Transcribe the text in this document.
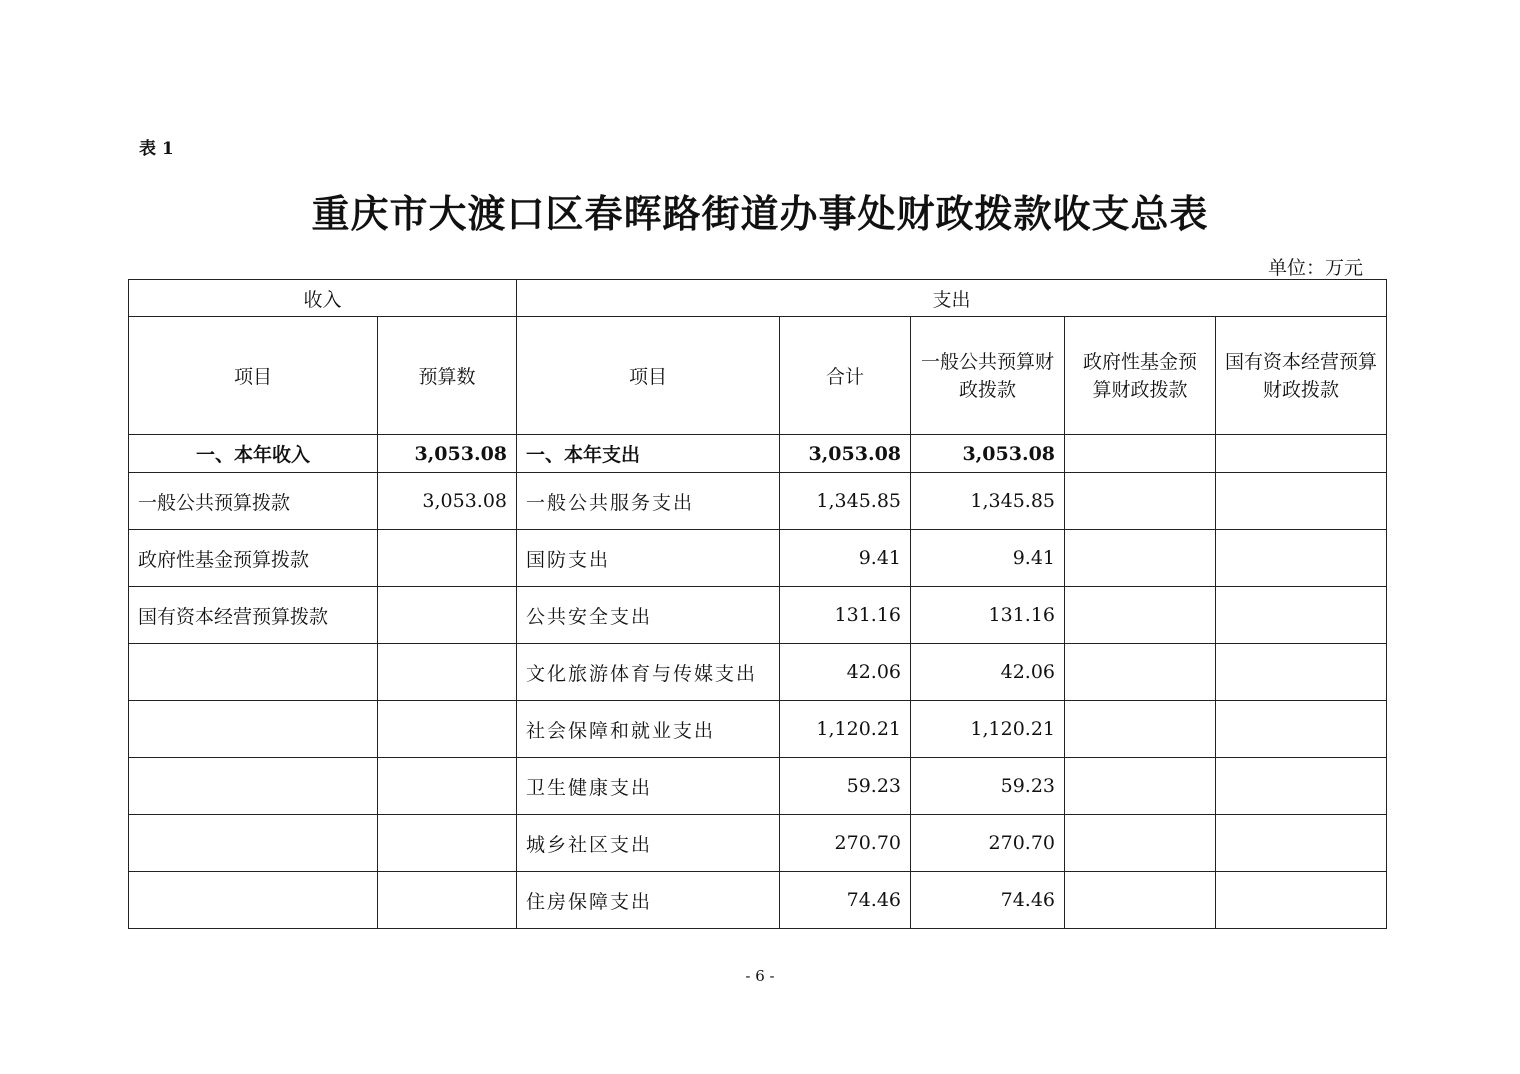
表 1
重庆市大渡口区春晖路街道办事处财政拨款收支总表
单位：万元
收入		支出				
项目	预算数	项目	合计	一般公共预算财政拨款	政府性基金预算财政拨款	国有资本经营预算财政拨款
一、本年收入	3,053.08	一、本年支出	3,053.08	3,053.08		
一般公共预算拨款	3,053.08	一般公共服务支出	1,345.85	1,345.85		
政府性基金预算拨款		国防支出	9.41	9.41		
国有资本经营预算拨款		公共安全支出	131.16	131.16		
		文化旅游体育与传媒支出	42.06	42.06		
		社会保障和就业支出	1,120.21	1,120.21		
		卫生健康支出	59.23	59.23		
		城乡社区支出	270.70	270.70		
		住房保障支出	74.46	74.46		
- 6 -
